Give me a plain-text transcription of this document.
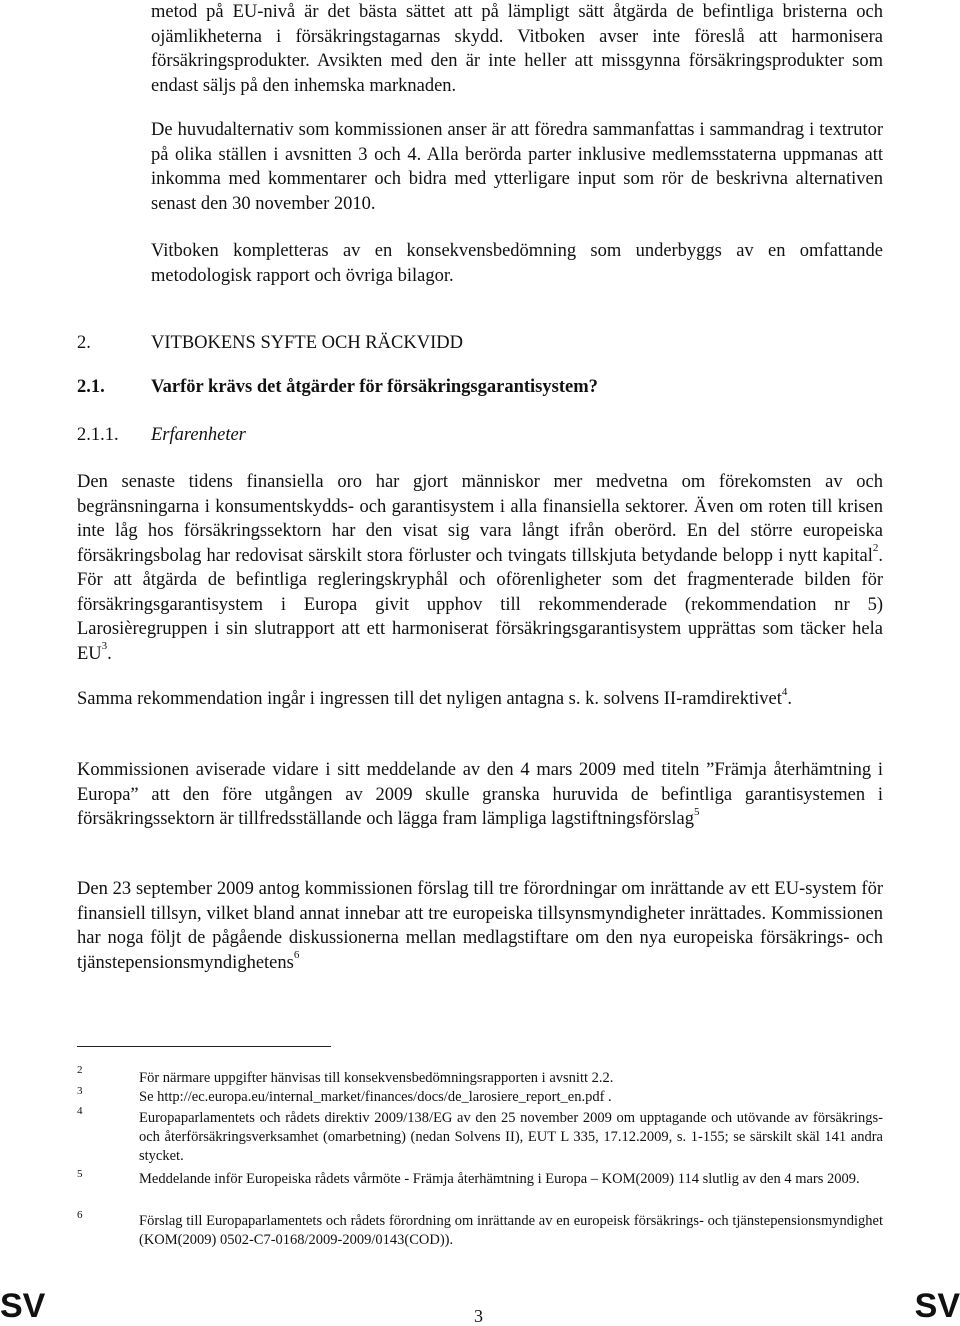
metod på EU-nivå är det bästa sättet att på lämpligt sätt åtgärda de befintliga bristerna och ojämlikheterna i försäkringstagarnas skydd. Vitboken avser inte föreslå att harmonisera försäkringsprodukter. Avsikten med den är inte heller att missgynna försäkringsprodukter som endast säljs på den inhemska marknaden.
De huvudalternativ som kommissionen anser är att föredra sammanfattas i sammandrag i textrutor på olika ställen i avsnitten 3 och 4. Alla berörda parter inklusive medlemsstaterna uppmanas att inkomma med kommentarer och bidra med ytterligare input som rör de beskrivna alternativen senast den 30 november 2010.
Vitboken kompletteras av en konsekvensbedömning som underbyggs av en omfattande metodologisk rapport och övriga bilagor.
2.	VITBOKENS SYFTE OCH RÄCKVIDD
2.1.	Varför krävs det åtgärder för försäkringsgarantisystem?
2.1.1. Erfarenheter
Den senaste tidens finansiella oro har gjort människor mer medvetna om förekomsten av och begränsningarna i konsumentskydds- och garantisystem i alla finansiella sektorer. Även om roten till krisen inte låg hos försäkringssektorn har den visat sig vara långt ifrån oberörd. En del större europeiska försäkringsbolag har redovisat särskilt stora förluster och tvingats tillskjuta betydande belopp i nytt kapital$^2$. För att åtgärda de befintliga regleringskryphål och oförenligheter som det fragmenterade bilden för försäkringsgarantisystem i Europa givit upphov till rekommenderade (rekommendation nr 5) Larosièregruppen i sin slutrapport att ett harmoniserat försäkringsgarantisystem upprättas som täcker hela $EU^3$.
Samma rekommendation ingår i ingressen till det nyligen antagna s. k. solvens II-ramdirektivet$^4$.
Kommissionen aviserade vidare i sitt meddelande av den 4 mars 2009 med titeln ”Främja återhämtning i Europa” att den före utgången av 2009 skulle granska huruvida de befintliga garantisystemen i försäkringssektorn är tillfredsställande och lägga fram lämpliga lagstiftningsförslag$^5$
Den 23 september 2009 antog kommissionen förslag till tre förordningar om inrättande av ett EU-system för finansiell tillsyn, vilket bland annat innebar att tre europeiska tillsynsmyndigheter inrättades. Kommissionen har noga följt de pågående diskussionerna mellan medlagstiftare om den nya europeiska försäkrings- och tjänstepensionsmyndighetens$^6$
2	För närmare uppgifter hänvisas till konsekvensbedömningsrapporten i avsnitt 2.2.
3	Se http://ec.europa.eu/internal_market/finances/docs/de_larosiere_report_en.pdf .
4	Europaparlamentets och rådets direktiv 2009/138/EG av den 25 november 2009 om upptagande och utövande av försäkrings- och återförsäkringsverksamhet (omarbetning) (nedan Solvens II), EUT L 335, 17.12.2009, s. 1-155; se särskilt skäl 141 andra stycket.
5	Meddelande inför Europeiska rådets vårmöte - Främja återhämtning i Europa – KOM(2009) 114 slutlig av den 4 mars 2009.
6	Förslag till Europaparlamentets och rådets förordning om inrättande av en europeisk försäkrings- och tjänstepensionsmyndighet (KOM(2009) 0502-C7-0168/2009-2009/0143(COD)).
SV	3	SV
